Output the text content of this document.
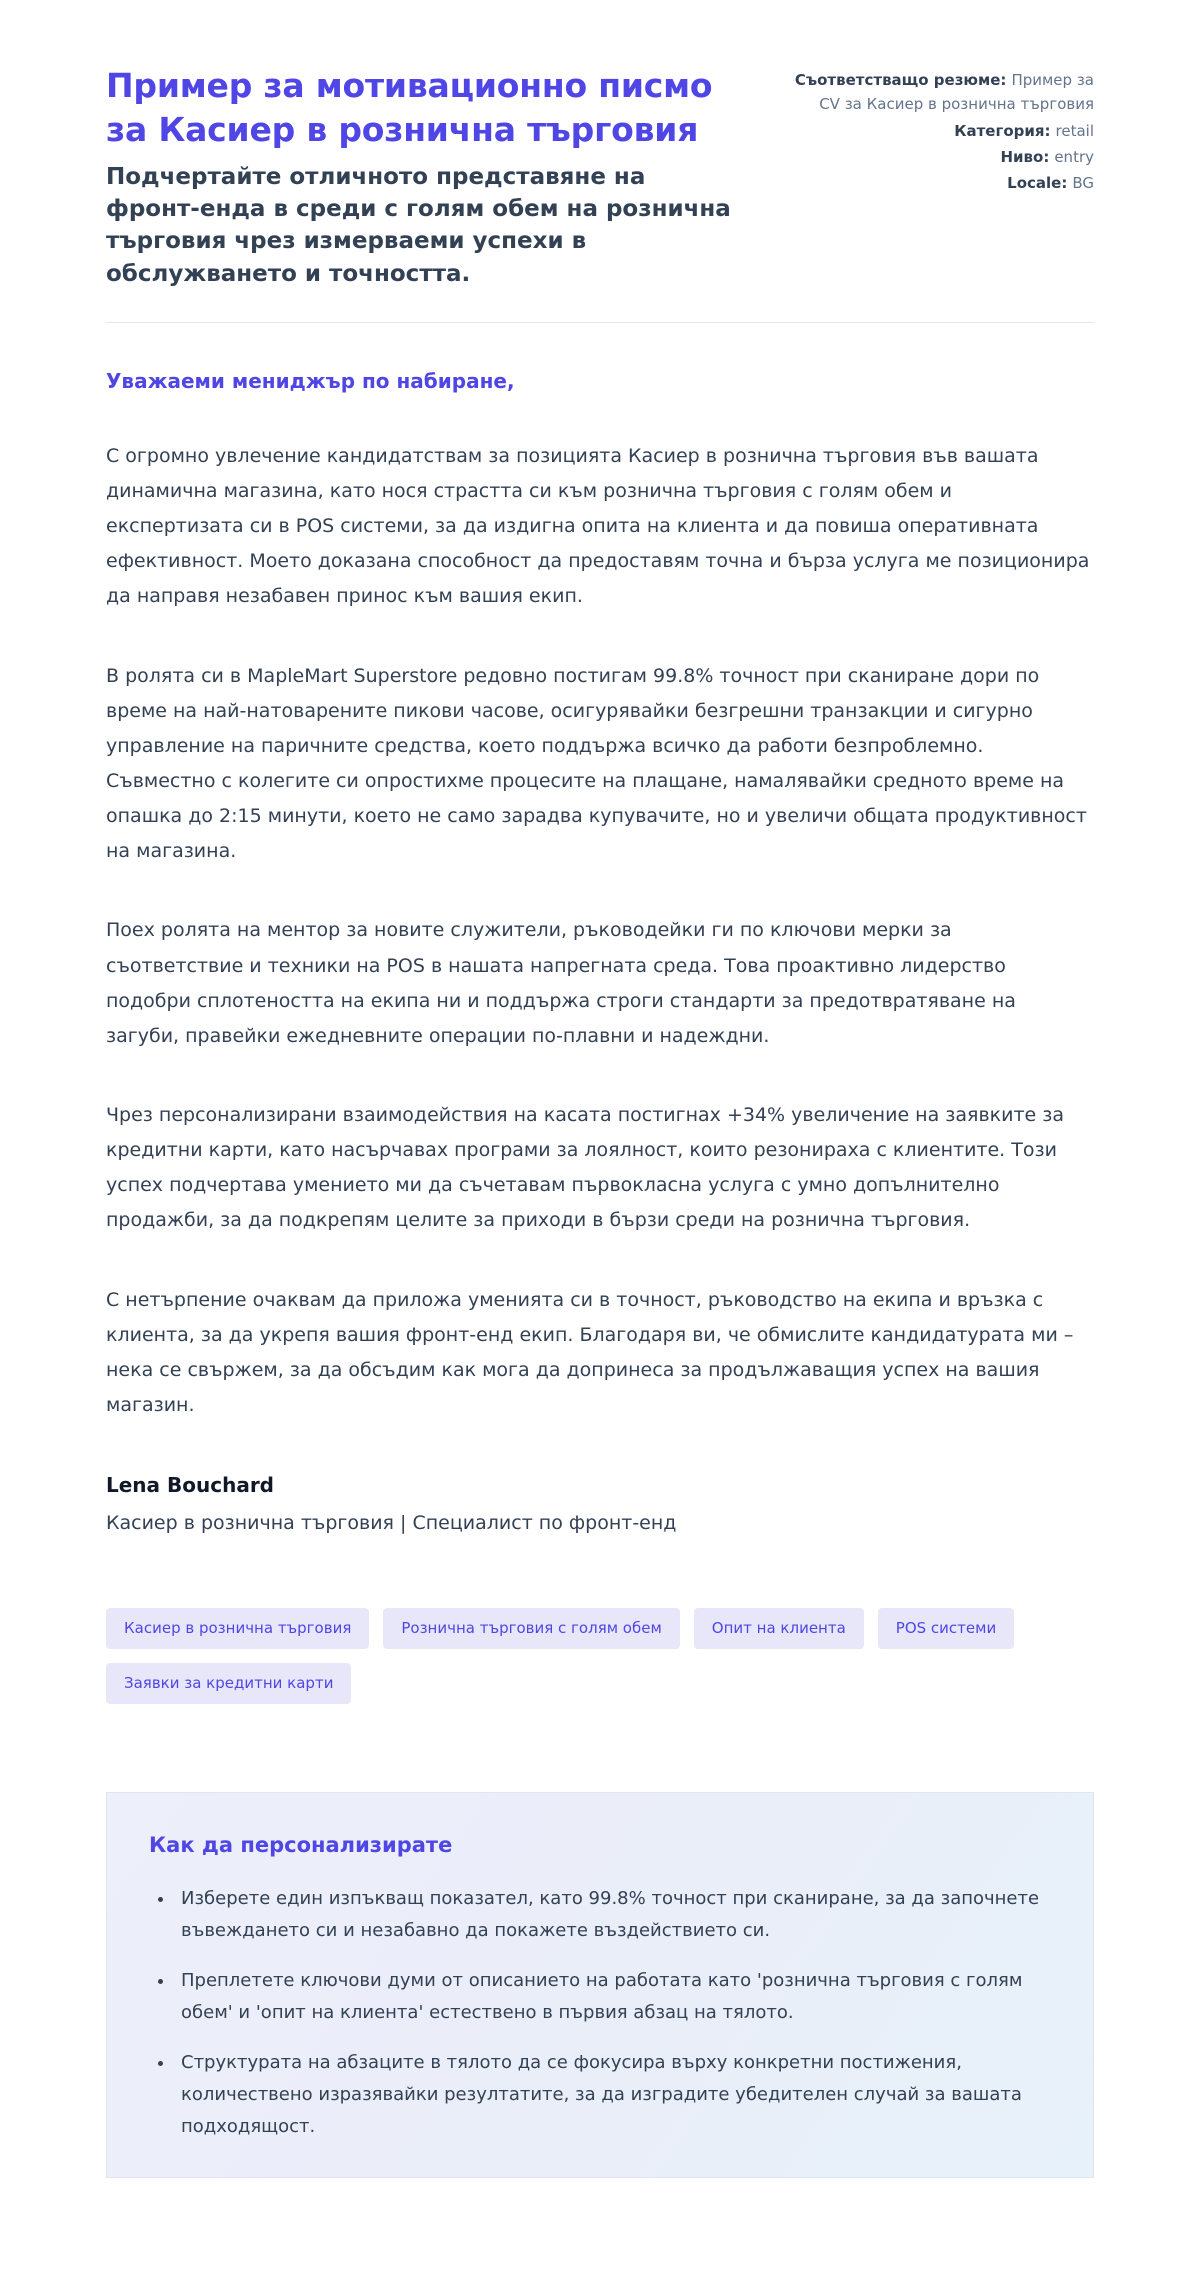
Пример за мотивационно писмо за Касиер в рознична търговия

Подчертайте отличното представяне на фронт-енда в среди с голям обем на рознична търговия чрез измерваеми успехи в обслужването и точността.

Съответстващо резюме: Пример за CV за Касиер в рознична търговия
Категория: retail
Ниво: entry
Locale: BG

Уважаеми мениджър по набиране,

С огромно увлечение кандидатствам за позицията Касиер в рознична търговия във вашата динамична магазина, като нося страстта си към рознична търговия с голям обем и експертизата си в POS системи, за да издигна опита на клиента и да повиша оперативната ефективност. Моето доказана способност да предоставям точна и бърза услуга ме позиционира да направя незабавен принос към вашия екип.

В ролята си в MapleMart Superstore редовно постигам 99.8% точност при сканиране дори по време на най-натоварените пикови часове, осигурявайки безгрешни транзакции и сигурно управление на паричните средства, което поддържа всичко да работи безпроблемно. Съвместно с колегите си опростихме процесите на плащане, намалявайки средното време на опашка до 2:15 минути, което не само зарадва купувачите, но и увеличи общата продуктивност на магазина.

Поех ролята на ментор за новите служители, ръководейки ги по ключови мерки за съответствие и техники на POS в нашата напрегната среда. Това проактивно лидерство подобри сплотеността на екипа ни и поддържа строги стандарти за предотвратяване на загуби, правейки ежедневните операции по-плавни и надеждни.

Чрез персонализирани взаимодействия на касата постигнах +34% увеличение на заявките за кредитни карти, като насърчавах програми за лоялност, които резонираха с клиентите. Този успех подчертава умението ми да съчетавам първокласна услуга с умно допълнително продажби, за да подкрепям целите за приходи в бързи среди на рознична търговия.

С нетърпение очаквам да приложа уменията си в точност, ръководство на екипа и връзка с клиента, за да укрепя вашия фронт-енд екип. Благодаря ви, че обмислите кандидатурата ми – нека се свържем, за да обсъдим как мога да допринеса за продължаващия успех на вашия магазин.

Lena Bouchard

Касиер в рознична търговия | Специалист по фронт-енд

Касиер в рознична търговия	Рознична търговия с голям обем	Опит на клиента	POS системи
Заявки за кредитни карти

Как да персонализирате

• Изберете един изпъкващ показател, като 99.8% точност при сканиране, за да започнете въвеждането си и незабавно да покажете въздействието си.
• Преплетете ключови думи от описанието на работата като 'рознична търговия с голям обем' и 'опит на клиента' естествено в първия абзац на тялото.
• Структурата на абзаците в тялото да се фокусира върху конкретни постижения, количествено изразявайки резултатите, за да изградите убедителен случай за вашата подходящост.
